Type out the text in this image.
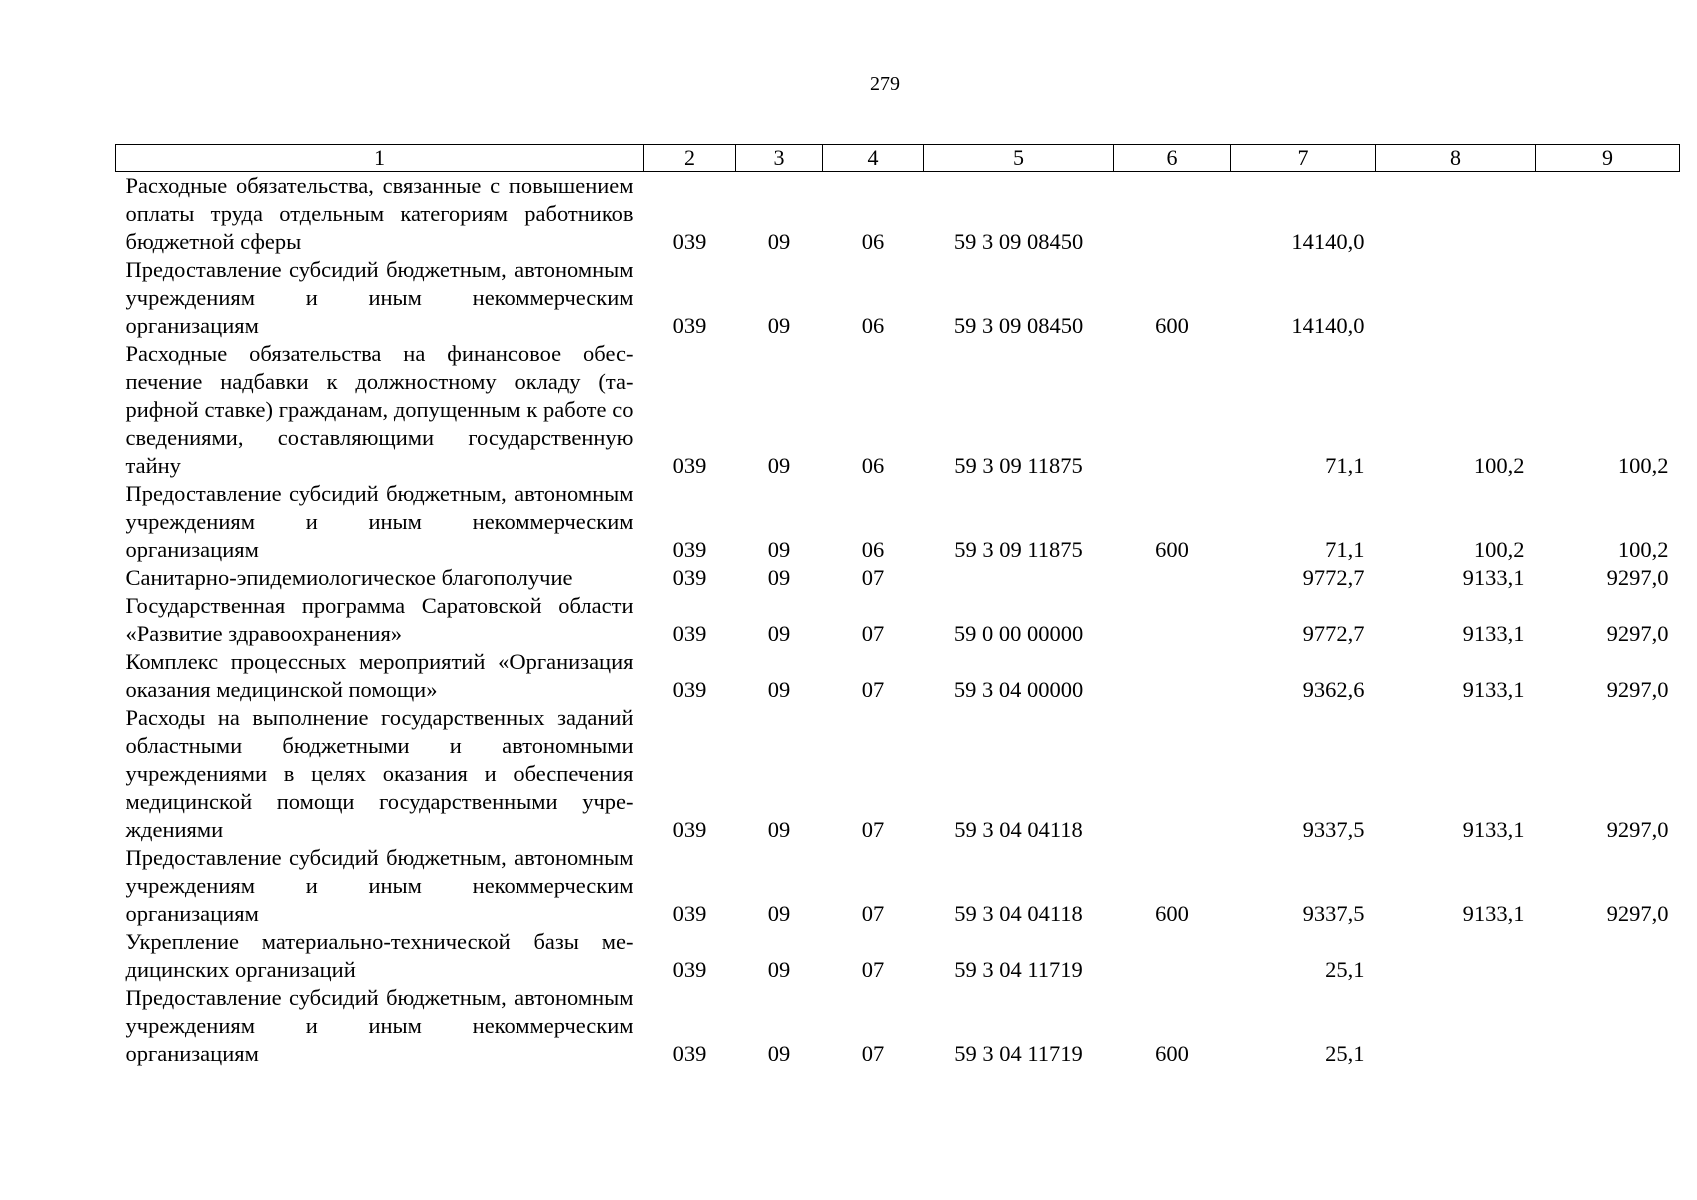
279
1	2	3	4	5	6	7	8	9
Расходные обязательства, связанные с повышением оплаты труда отдельным категориям работников бюджетной сферы	039	09	06	59 3 09 08450		14140,0		
Предоставление субсидий бюджетным, автономным учреждениям и иным некоммерческим организациям	039	09	06	59 3 09 08450	600	14140,0		
Расходные обязательства на финансовое обеспечение надбавки к должностному окладу (тарифной ставке) гражданам, допущенным к работе со сведениями, составляющими государственную тайну	039	09	06	59 3 09 11875		71,1	100,2	100,2
Предоставление субсидий бюджетным, автономным учреждениям и иным некоммерческим организациям	039	09	06	59 3 09 11875	600	71,1	100,2	100,2
Санитарно-эпидемиологическое благополучие	039	09	07			9772,7	9133,1	9297,0
Государственная программа Саратовской области «Развитие здравоохранения»	039	09	07	59 0 00 00000		9772,7	9133,1	9297,0
Комплекс процессных мероприятий «Организация оказания медицинской помощи»	039	09	07	59 3 04 00000		9362,6	9133,1	9297,0
Расходы на выполнение государственных заданий областными бюджетными и автономными учреждениями в целях оказания и обеспечения медицинской помощи государственными учреждениями	039	09	07	59 3 04 04118		9337,5	9133,1	9297,0
Предоставление субсидий бюджетным, автономным учреждениям и иным некоммерческим организациям	039	09	07	59 3 04 04118	600	9337,5	9133,1	9297,0
Укрепление материально-технической базы медицинских организаций	039	09	07	59 3 04 11719		25,1		
Предоставление субсидий бюджетным, автономным учреждениям и иным некоммерческим организациям	039	09	07	59 3 04 11719	600	25,1		
